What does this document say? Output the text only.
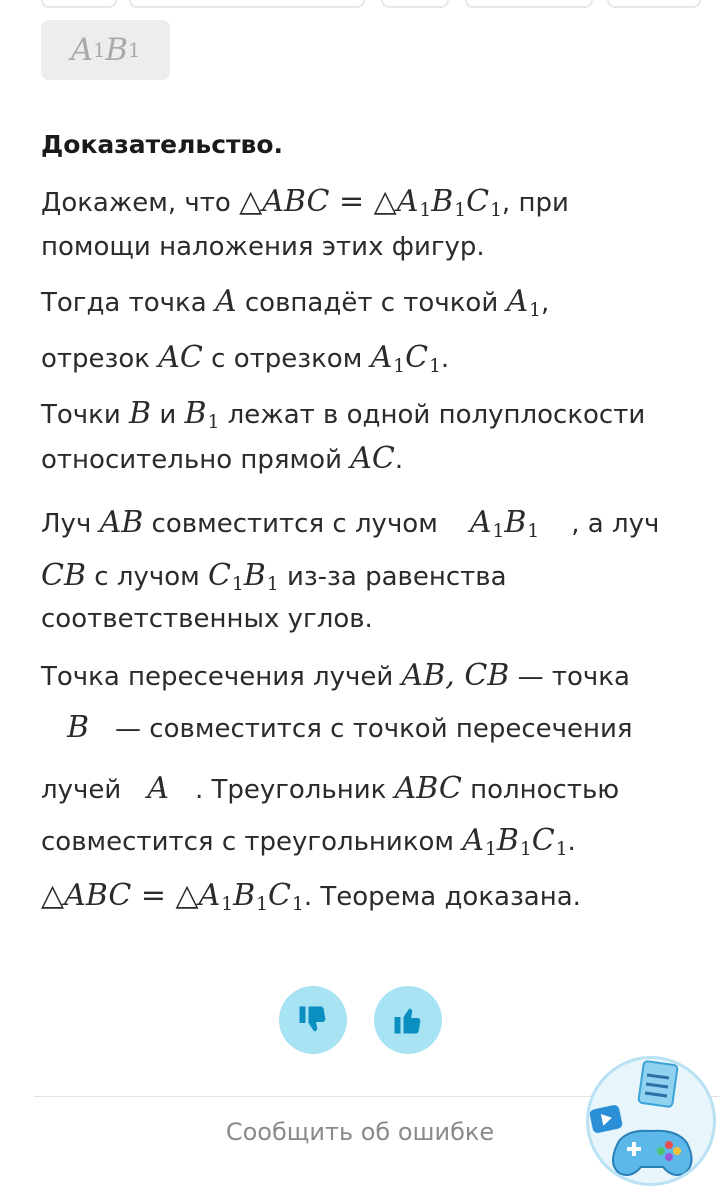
A 1 B 1
Доказательство.
Докажем, что △ABC = $\triangle A_1B_1C_1$, при
помощи наложения этих фигур.
Тогда точка A совпадёт с точкой $A_1$,
отрезок AC с отрезком $A_1C_1$.
Точки B и $B_1$ лежат в одной полуплоскости
относительно прямой AC.
Луч AB совместится с лучом $A_1B_1$ , а луч
CB с лучом $C_1B_1$ из-за равенства
соответственных углов.
Точка пересечения лучей AB, CB — точка
B — совместится с точкой пересечения
лучей A . Треугольник ABC полностью
совместится с треугольником $A_1B_1C_1$.
△ABC = $\triangle A_1B_1C_1$. Теорема доказана.
Сообщить об ошибке
